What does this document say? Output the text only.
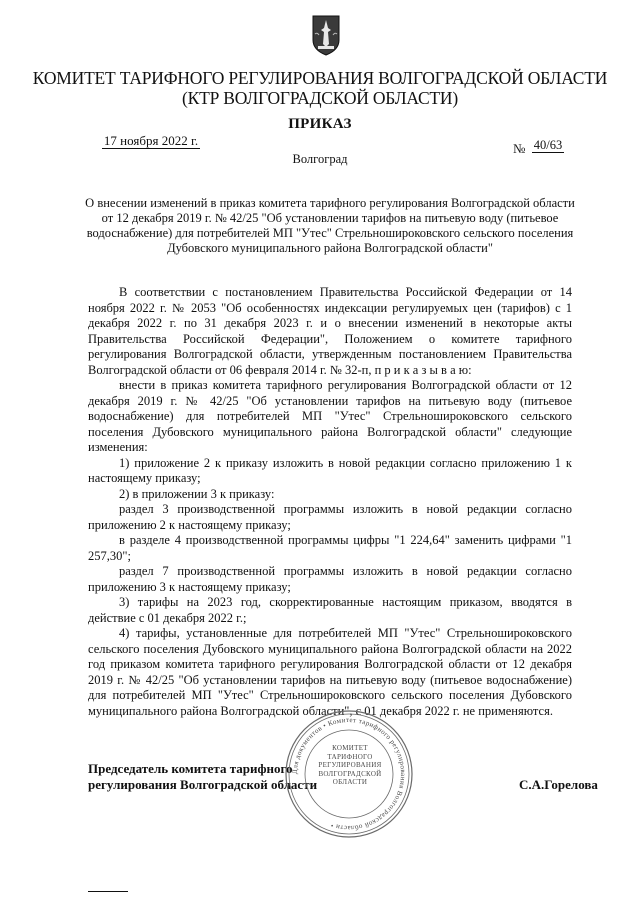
КОМИТЕТ ТАРИФНОГО РЕГУЛИРОВАНИЯ ВОЛГОГРАДСКОЙ ОБЛАСТИ
(КТР ВОЛГОГРАДСКОЙ ОБЛАСТИ)
ПРИКАЗ
17 ноября 2022 г.
№ 40/63
Волгоград
О внесении изменений в приказ комитета тарифного регулирования Волгоградской области от 12 декабря 2019 г. № 42/25 "Об установлении тарифов на питьевую воду (питьевое водоснабжение) для потребителей МП "Утес" Стрельношироковского сельского поселения Дубовского муниципального района Волгоградской области"

В соответствии с постановлением Правительства Российской Федерации от 14 ноября 2022 г. № 2053 "Об особенностях индексации регулируемых цен (тарифов) с 1 декабря 2022 г. по 31 декабря 2023 г. и о внесении изменений в некоторые акты Правительства Российской Федерации", Положением о комитете тарифного регулирования Волгоградской области, утвержденным постановлением Правительства Волгоградской области от 06 февраля 2014 г. № 32-п, п р и к а з ы в а ю:

внести в приказ комитета тарифного регулирования Волгоградской области от 12 декабря 2019 г. № 42/25 "Об установлении тарифов на питьевую воду (питьевое водоснабжение) для потребителей МП "Утес" Стрельношироковского сельского поселения Дубовского муниципального района Волгоградской области" следующие изменения:

1) приложение 2 к приказу изложить в новой редакции согласно приложению 1 к настоящему приказу;

2) в приложении 3 к приказу:

раздел 3 производственной программы изложить в новой редакции согласно приложению 2 к настоящему приказу;

в разделе 4 производственной программы цифры "1 224,64" заменить цифрами "1 257,30";

раздел 7 производственной программы изложить в новой редакции согласно приложению 3 к настоящему приказу;

3) тарифы на 2023 год, скорректированные настоящим приказом, вводятся в действие с 01 декабря 2022 г.;

4) тарифы, установленные для потребителей МП "Утес" Стрельношироковского сельского поселения Дубовского муниципального района Волгоградской области на 2022 год приказом комитета тарифного регулирования Волгоградской области от 12 декабря 2019 г. № 42/25 "Об установлении тарифов на питьевую воду (питьевое водоснабжение) для потребителей МП "Утес" Стрельношироковского сельского поселения Дубовского муниципального района Волгоградской области", с 01 декабря 2022 г. не применяются.

Председатель комитета тарифного
регулирования Волгоградской области	С.А.Горелова
Для документов • Комитет тарифного регулирования Волгоградской области •
КОМИТЕТ
ТАРИФНОГО
РЕГУЛИРОВАНИЯ
ВОЛГОГРАДСКОЙ
ОБЛАСТИ
